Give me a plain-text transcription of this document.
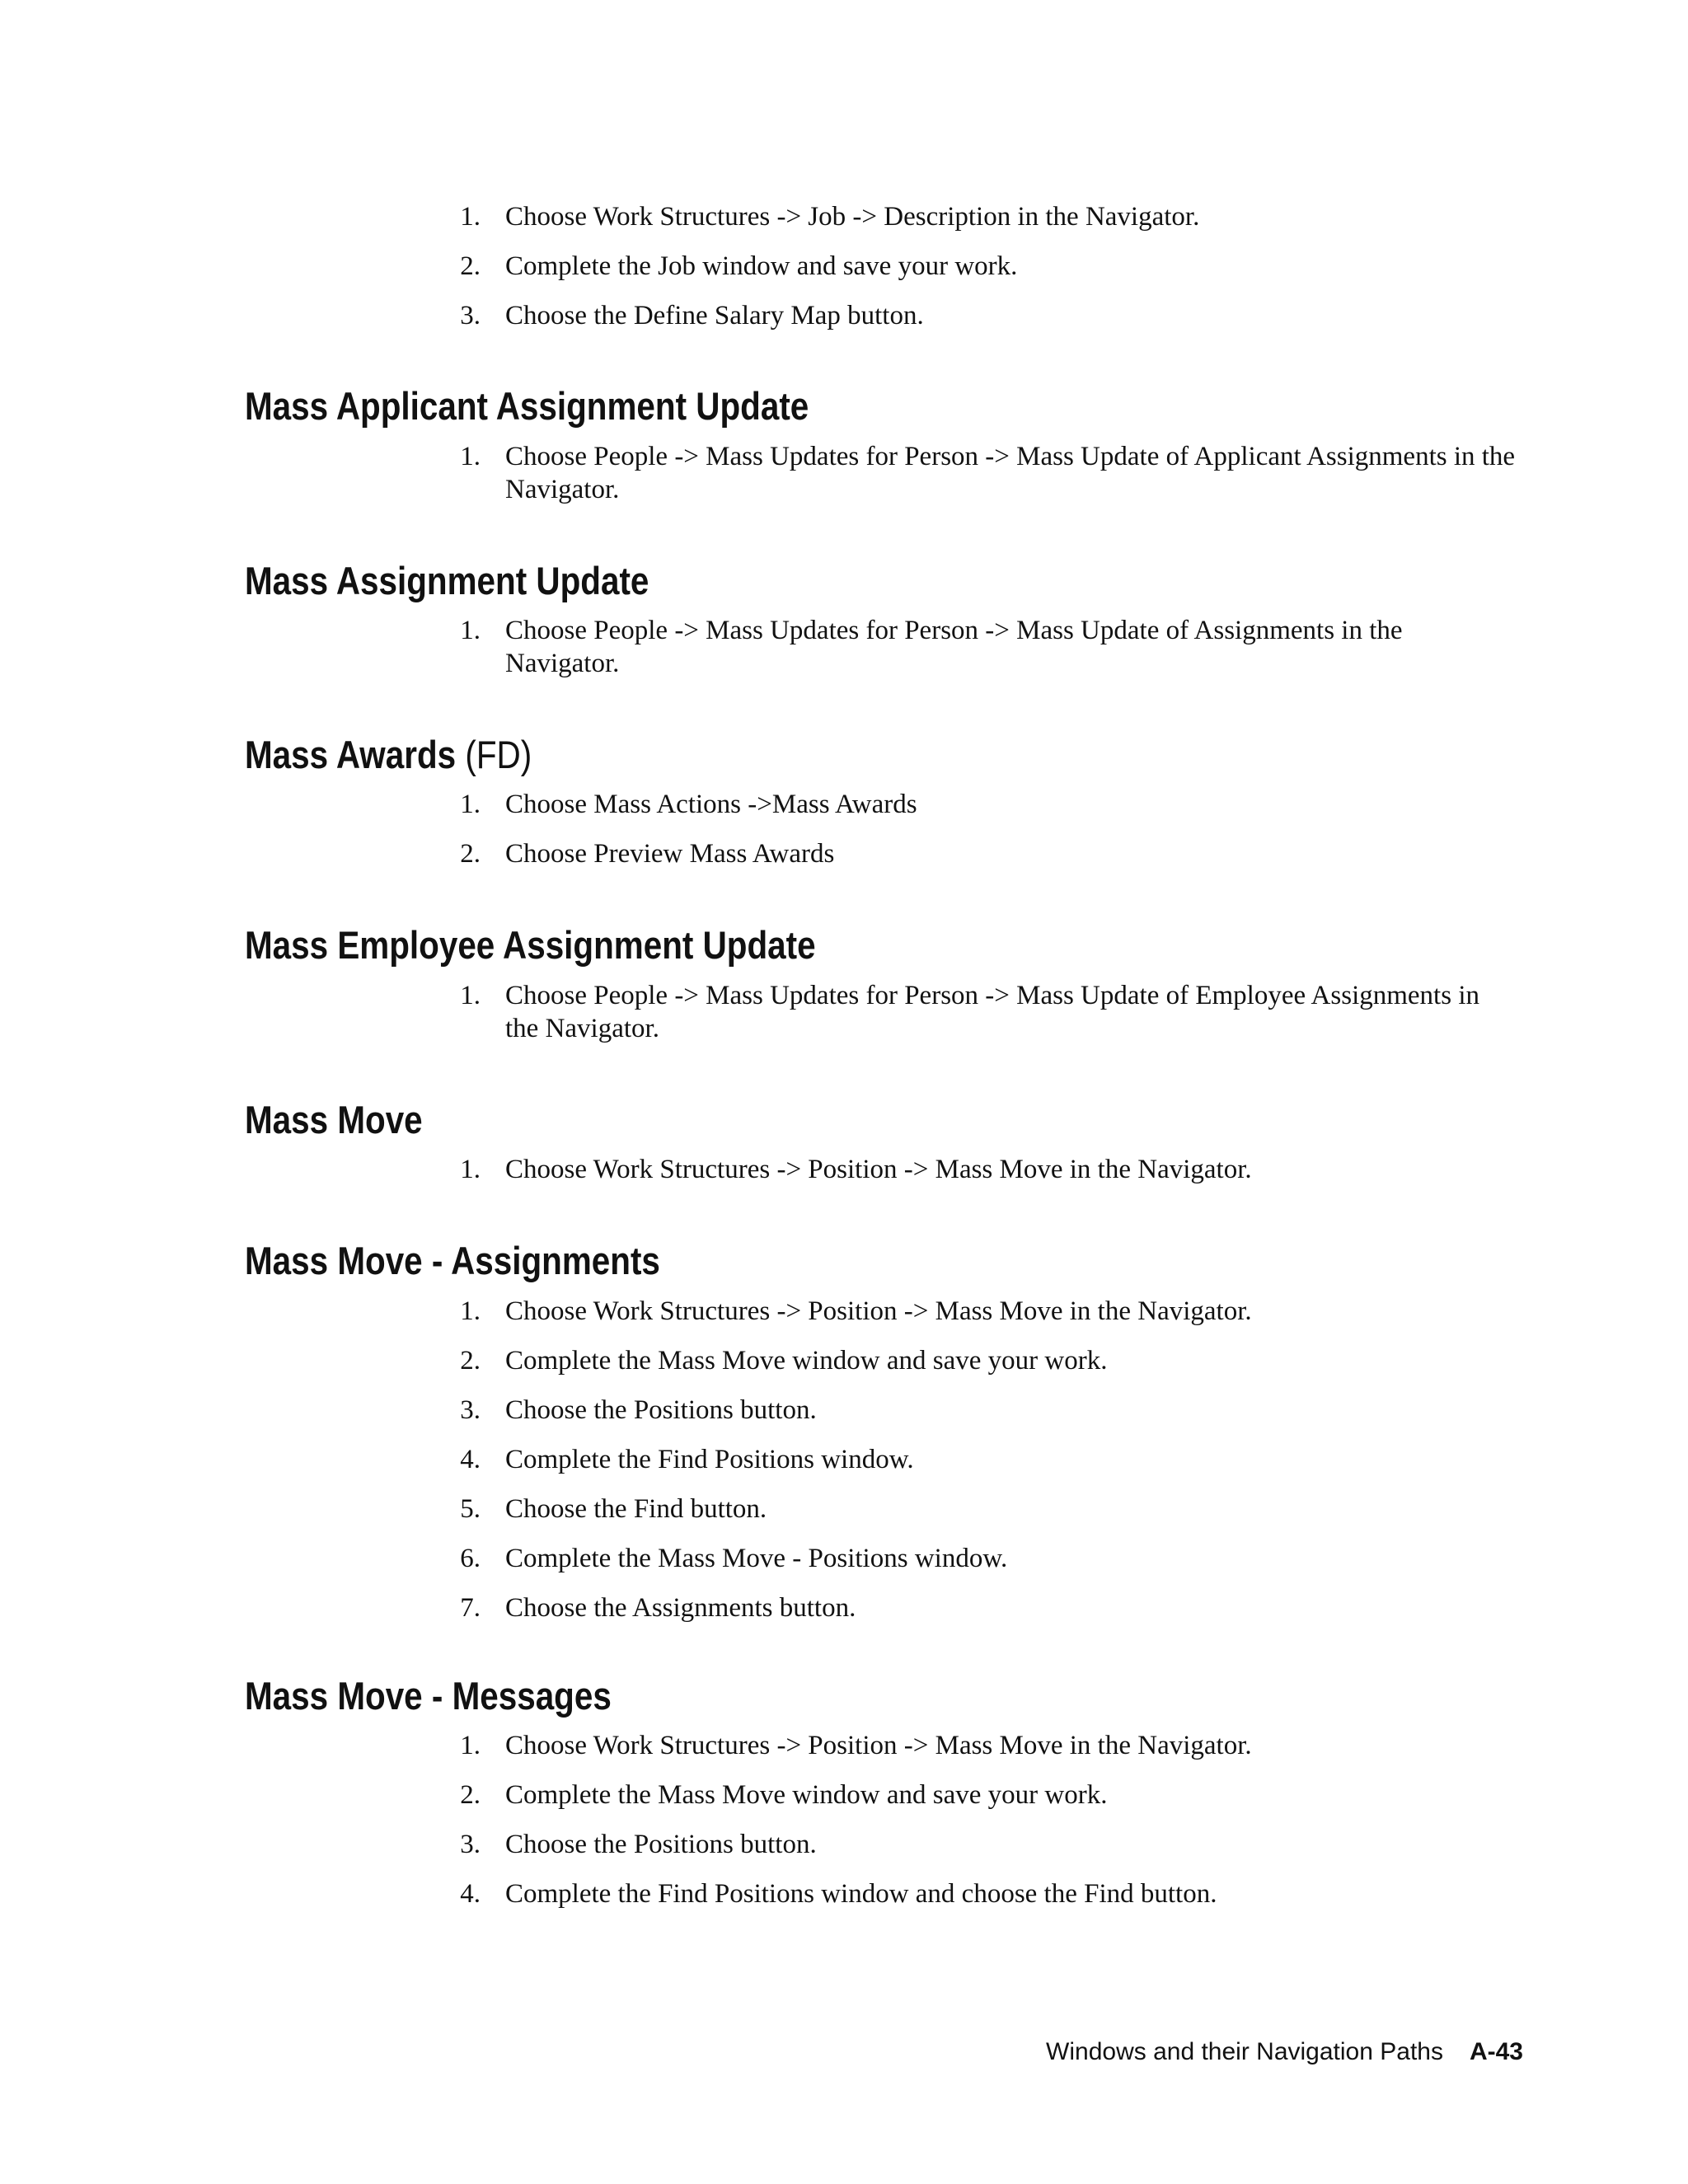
1. Choose Work Structures -> Job -> Description in the Navigator.
2. Complete the Job window and save your work.
3. Choose the Define Salary Map button.
Mass Applicant Assignment Update
1. Choose People -> Mass Updates for Person -> Mass Update of Applicant Assignments in the Navigator.
Mass Assignment Update
1. Choose People -> Mass Updates for Person -> Mass Update of Assignments in the Navigator.
Mass Awards (FD)
1. Choose Mass Actions ->Mass Awards
2. Choose Preview Mass Awards
Mass Employee Assignment Update
1. Choose People -> Mass Updates for Person -> Mass Update of Employee Assignments in the Navigator.
Mass Move
1. Choose Work Structures -> Position -> Mass Move in the Navigator.
Mass Move - Assignments
1. Choose Work Structures -> Position -> Mass Move in the Navigator.
2. Complete the Mass Move window and save your work.
3. Choose the Positions button.
4. Complete the Find Positions window.
5. Choose the Find button.
6. Complete the Mass Move - Positions window.
7. Choose the Assignments button.
Mass Move - Messages
1. Choose Work Structures -> Position -> Mass Move in the Navigator.
2. Complete the Mass Move window and save your work.
3. Choose the Positions button.
4. Complete the Find Positions window and choose the Find button.
Windows and their Navigation Paths A-43
